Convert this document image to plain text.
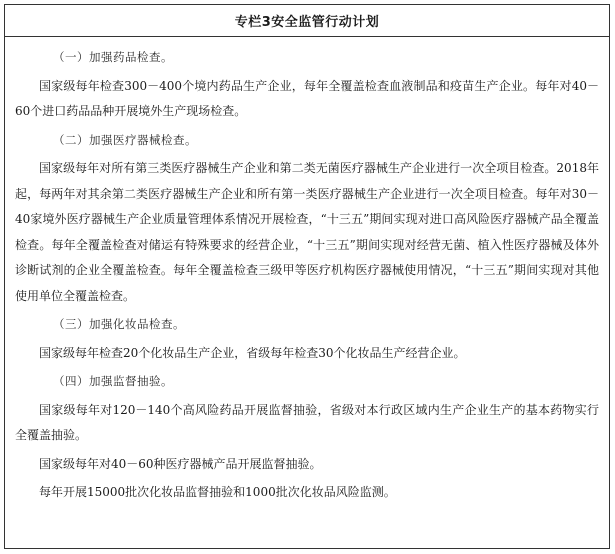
专栏3安全监管行动计划
（一）加强药品检查。
国家级每年检查300－400个境内药品生产企业，每年全覆盖检查血液制品和疫苗生产企业。每年对40－60个进口药品品种开展境外生产现场检查。
（二）加强医疗器械检查。
国家级每年对所有第三类医疗器械生产企业和第二类无菌医疗器械生产企业进行一次全项目检查。2018年起，每两年对其余第二类医疗器械生产企业和所有第一类医疗器械生产企业进行一次全项目检查。每年对30－40家境外医疗器械生产企业质量管理体系情况开展检查，“十三五”期间实现对进口高风险医疗器械产品全覆盖检查。每年全覆盖检查对储运有特殊要求的经营企业，“十三五”期间实现对经营无菌、植入性医疗器械及体外诊断试剂的企业全覆盖检查。每年全覆盖检查三级甲等医疗机构医疗器械使用情况，“十三五”期间实现对其他使用单位全覆盖检查。
（三）加强化妆品检查。
国家级每年检查20个化妆品生产企业，省级每年检查30个化妆品生产经营企业。
（四）加强监督抽验。
国家级每年对120－140个高风险药品开展监督抽验，省级对本行政区域内生产企业生产的基本药物实行全覆盖抽验。
国家级每年对40－60种医疗器械产品开展监督抽验。
每年开展15000批次化妆品监督抽验和1000批次化妆品风险监测。
